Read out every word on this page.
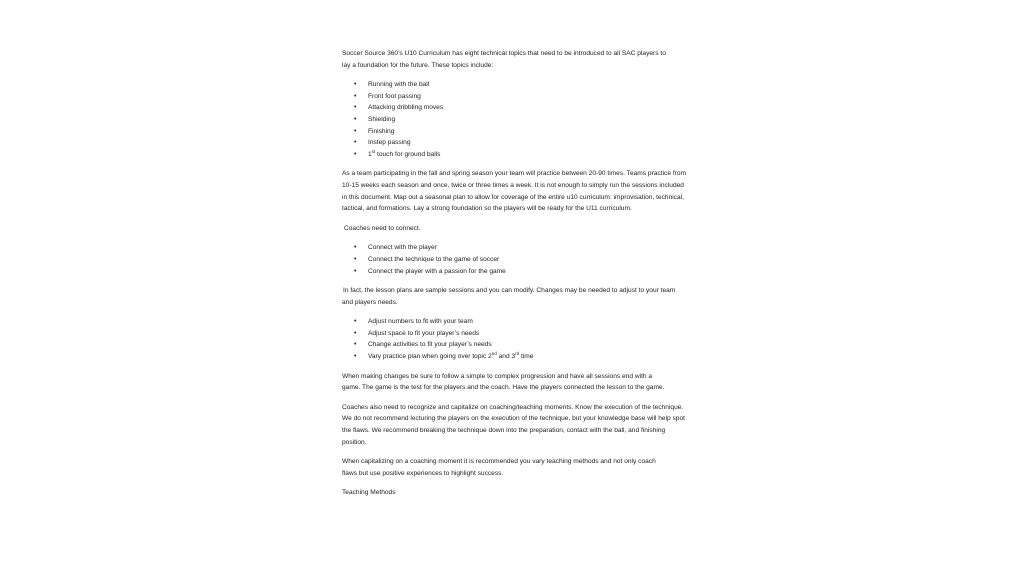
Soccer Source 360’s U10 Curriculum has eight technical topics that need to be introduced to all SAC players to lay a foundation for the future. These topics include:

• Running with the ball
• Front foot passing
• Attacking dribbling moves
• Shielding
• Finishing
• Instep passing
• 1st touch for ground balls

As a team participating in the fall and spring season your team will practice between 20-90 times. Teams practice from 10-15 weeks each season and once, twice or three times a week. It is not enough to simply run the sessions included in this document. Map out a seasonal plan to allow for coverage of the entire u10 curriculum: improvisation, technical, tactical, and formations. Lay a strong foundation so the players will be ready for the U11 curriculum.

Coaches need to connect.

• Connect with the player
• Connect the technique to the game of soccer
• Connect the player with a passion for the game

In fact, the lesson plans are sample sessions and you can modify. Changes may be needed to adjust to your team and players needs.

• Adjust numbers to fit with your team
• Adjust space to fit your player’s needs
• Change activities to fit your player’s needs
• Vary practice plan when going over topic 2nd and 3rd time

When making changes be sure to follow a simple to complex progression and have all sessions end with a game. The game is the test for the players and the coach. Have the players connected the lesson to the game.

Coaches also need to recognize and capitalize on coaching/teaching moments. Know the execution of the technique. We do not recommend lecturing the players on the execution of the technique, but your knowledge base will help spot the flaws. We recommend breaking the technique down into the preparation, contact with the ball, and finishing position.

When capitalizing on a coaching moment it is recommended you vary teaching methods and not only coach flaws but use positive experiences to highlight success.

Teaching Methods
